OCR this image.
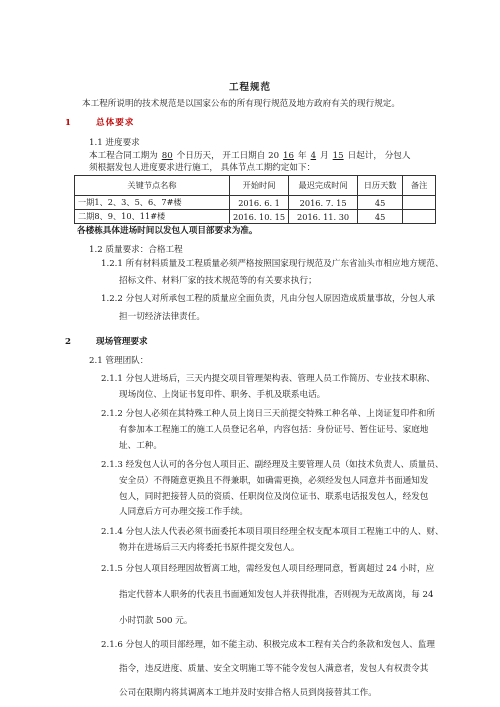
工程规范
本工程所说明的技术规范是以国家公布的所有现行规范及地方政府有关的现行规定。
1	总体要求
1.1 进度要求
本工程合同工期为 80 个日历天， 开工日期自 20 16 年 4 月 15 日起计， 分包人
须根据发包人进度要求进行施工， 具体节点工期约定如下：
关键节点名称	开始时间	最迟完成时间	日历天数	备注
一期1、2、3、5、6、7#楼	2016. 6. 1	2016. 7. 15	45	
二期8、9、10、11#楼	2016. 10. 15	2016. 11. 30	45	
各楼栋具体进场时间以发包人项目部要求为准。
1.2 质量要求：合格工程
1.2.1 所有材料质量及工程质量必须严格按照国家现行规范及广东省汕头市相应地方规范、
招标文件、材料厂家的技术规范等的有关要求执行；
1.2.2 分包人对所承包工程的质量应全面负责，凡由分包人原因造成质量事故，分包人承
担一切经济法律责任。
2	现场管理要求
2.1 管理团队：
2.1.1 分包人进场后，三天内提交项目管理架构表、管理人员工作简历、专业技术职称、
现场岗位、上岗证书复印件、职务、手机及联系电话。
2.1.2 分包人必须在其特殊工种人员上岗日三天前提交特殊工种名单、上岗证复印件和所
有参加本工程施工的施工人员登记名单，内容包括：身份证号、暂住证号、家庭地
址、工种。
2.1.3 经发包人认可的各分包人项目正、副经理及主要管理人员（如技术负责人、质量员、
安全员）不得随意更换且不得兼职，如确需更换，必须经发包人同意并书面通知发
包人，同时把接替人员的资质、任职岗位及岗位证书、联系电话报发包人，经发包
人同意后方可办理交接工作手续。
2.1.4 分包人法人代表必须书面委托本项目项目经理全权支配本项目工程施工中的人、财、
物并在进场后三天内将委托书原件提交发包人。
2.1.5 分包人项目经理因故暂离工地，需经发包人项目经理同意，暂离超过 24 小时，应
指定代替本人职务的代表且书面通知发包人并获得批准，否则视为无故离岗，每 24
小时罚款 500 元。
2.1.6 分包人的项目部经理，如不能主动、积极完成本工程有关合约条款和发包人、监理
指令，违反进度、质量、安全文明施工等不能令发包人满意者，发包人有权责令其
公司在限期内将其调离本工地并及时安排合格人员到岗接替其工作。
